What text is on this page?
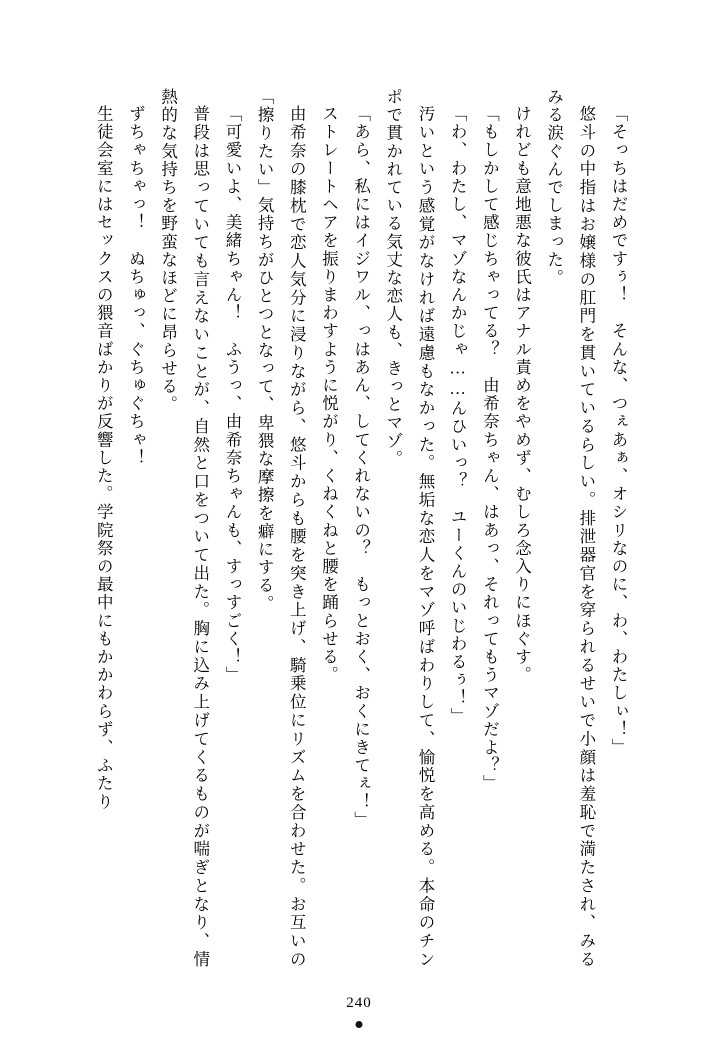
「そっちはだめですぅ！　そんな、つぇあぁ、オシリなのに、わ、わたしぃ！」

悠斗の中指はお嬢様の肛門を貫いているらしい。排泄器官を穿られるせいで小顔は羞恥で満たされ、みるみる涙ぐんでしまった。

けれども意地悪な彼氏はアナル責めをやめず、むしろ念入りにほぐす。

「もしかして感じちゃってる？　由希奈ちゃん、はあっ、それってもうマゾだよ？」

「わ、わたし、マゾなんかじゃ……んひいっ？　ユーくんのいじわるぅ！」

汚いという感覚がなければ遠慮もなかった。無垢な恋人をマゾ呼ばわりして、愉悦を高める。本命のチンポで貫かれている気丈な恋人も、きっとマゾ。

「あら、私にはイジワル、っはあん、してくれないの？　もっとおく、おくにきてぇ！」

ストレートヘアを振りまわすように悦がり、くねくねと腰を踊らせる。

由希奈の膝枕で恋人気分に浸りながら、悠斗からも腰を突き上げ、騎乗位にリズムを合わせた。お互いの「擦りたい」気持ちがひとつとなって、卑猥な摩擦を癖にする。

「可愛いよ、美緒ちゃん！　ふうっ、由希奈ちゃんも、すっすごく！」

普段は思っていても言えないことが、自然と口をついて出た。胸に込み上げてくるものが喘ぎとなり、情熱的な気持ちを野蛮なほどに昂らせる。

ずちゃちゃっ！　ぬちゅっ、ぐちゅぐちゃ！

生徒会室にはセックスの猥音ばかりが反響した。学院祭の最中にもかかわらず、ふたり

240
